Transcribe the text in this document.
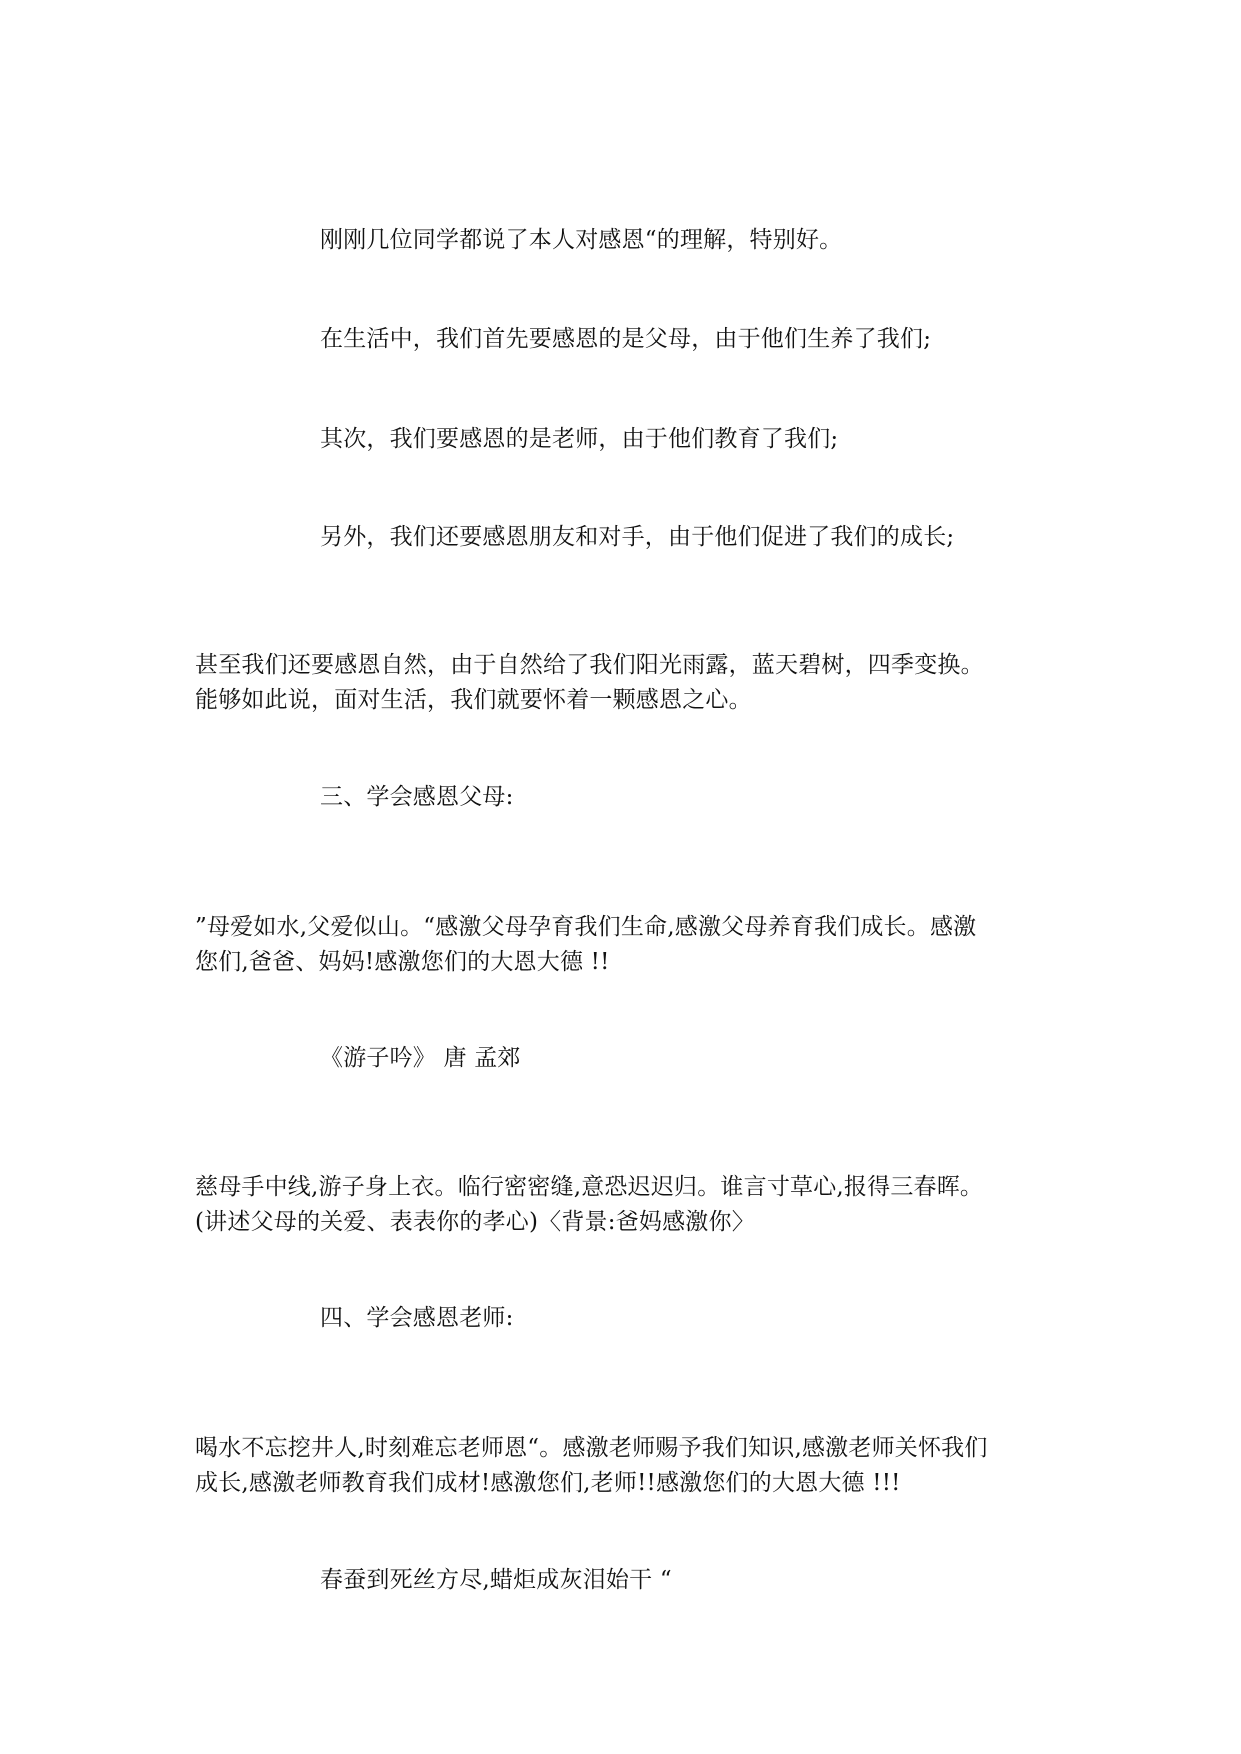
刚刚几位同学都说了本人对感恩“的理解，特别好。
在生活中，我们首先要感恩的是父母，由于他们生养了我们;
其次，我们要感恩的是老师，由于他们教育了我们;
另外，我们还要感恩朋友和对手，由于他们促进了我们的成长;
甚至我们还要感恩自然，由于自然给了我们阳光雨露，蓝天碧树，四季变换。
能够如此说，面对生活，我们就要怀着一颗感恩之心。
三、学会感恩父母:
”母爱如水,父爱似山。“感激父母孕育我们生命,感激父母养育我们成长。感激
您们,爸爸、妈妈!感激您们的大恩大德 !!
《游子吟》 唐 孟郊
慈母手中线,游子身上衣。临行密密缝,意恐迟迟归。谁言寸草心,报得三春晖。
(讲述父母的关爱、表表你的孝心)〈背景:爸妈感激你〉
四、学会感恩老师:
喝水不忘挖井人,时刻难忘老师恩“。感激老师赐予我们知识,感激老师关怀我们
成长,感激老师教育我们成材!感激您们,老师!!感激您们的大恩大德 !!!
春蚕到死丝方尽,蜡炬成灰泪始干 “
